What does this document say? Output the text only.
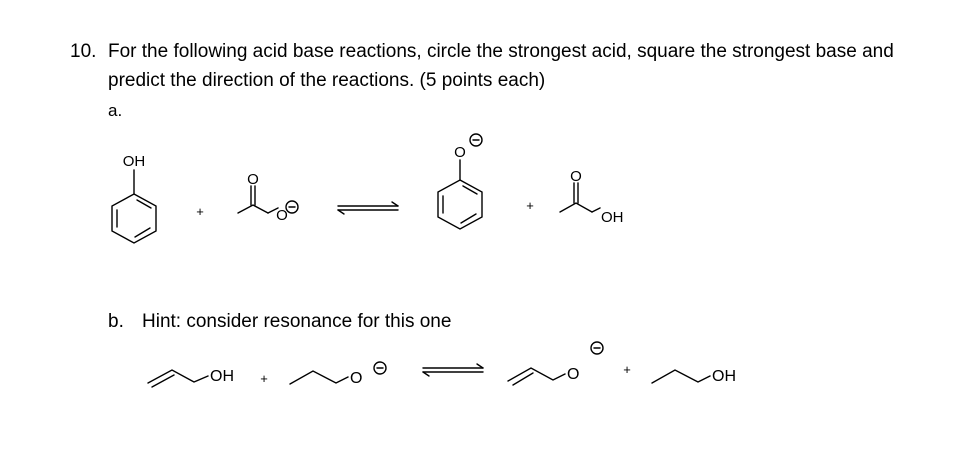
10. For the following acid base reactions, circle the strongest acid, square the strongest base and
predict the direction of the reactions. (5 points each)
a.
b. Hint: consider resonance for this one
OH
+
O
O
O
+
O
OH
OH +	O	O	+	OH
